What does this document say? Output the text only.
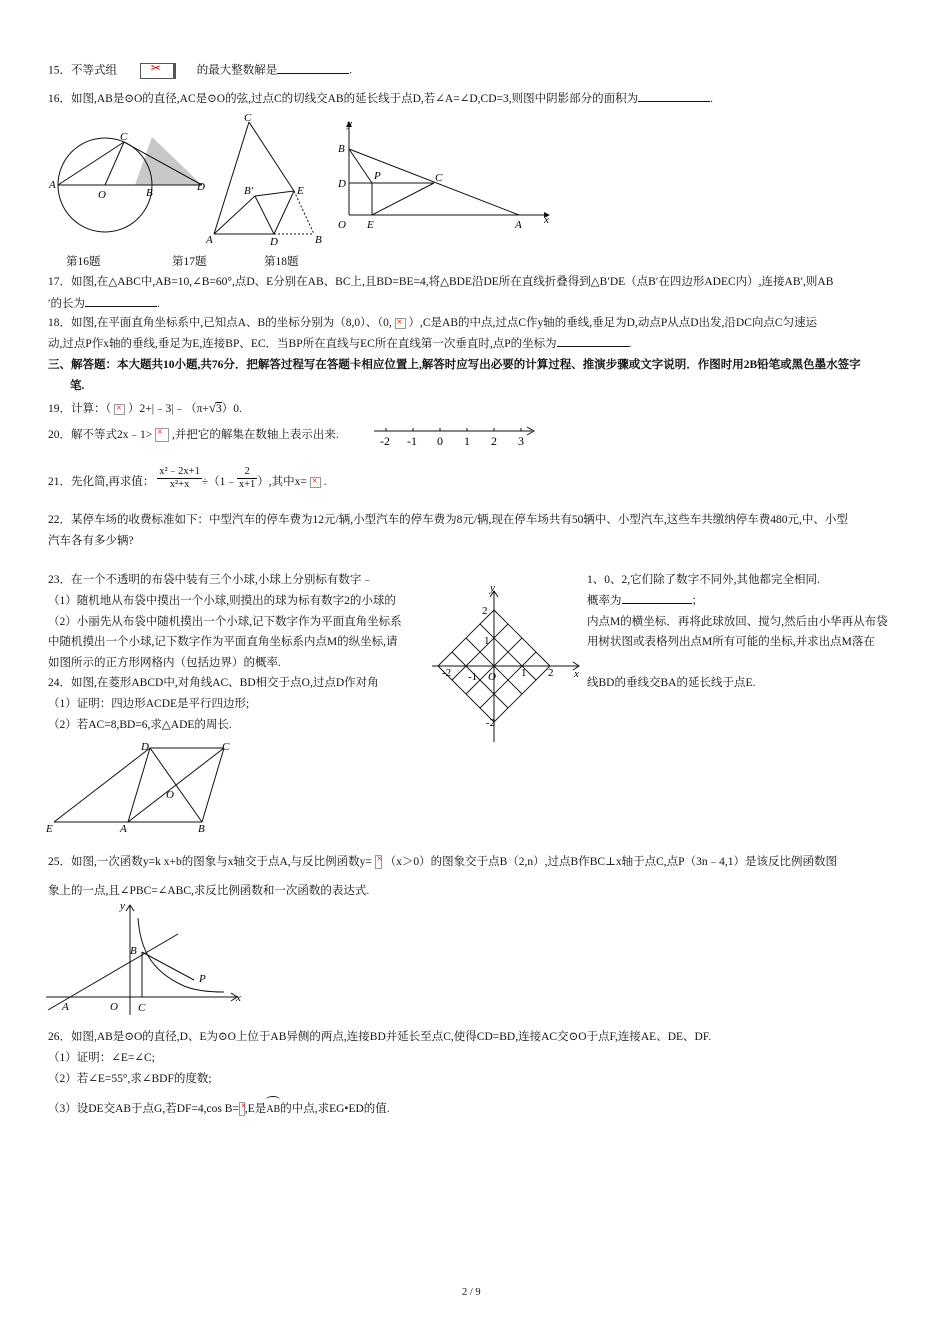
15．不等式组	✂	的最大整数解是	.
16．如图,AB是⊙O的直径,AC是⊙O的弦,过点C的切线交AB的延长线于点D,若∠A=∠D,CD=3,则图中阴影部分的面积为	.
A
O	B
C
D
C
B'	E
A	D	B
y
B
D
P	C
O E	A x
第16题	第17题	第18题
17．如图,在△ABC中,AB=10,∠B=60°,点D、E分别在AB、BC上,且BD=BE=4,将△BDE沿DE所在直线折叠得到△B′DE（点B′在四边形ADEC内）,连接AB′,则AB
′的长为	.
18．如图,在平面直角坐标系中,已知点A、B的坐标分别为（8,0）、（0, × ）,C是AB的中点,过点C作y轴的垂线,垂足为D,动点P从点D出发,沿DC向点C匀速运
动,过点P作x轴的垂线,垂足为E,连接BP、EC．当BP所在直线与EC所在直线第一次垂直时,点P的坐标为	.
三、解答题：本大题共10小题,共76分．把解答过程写在答题卡相应位置上,解答时应写出必要的计算过程、推演步骤或文字说明．作图时用2B铅笔或黑色墨水签字
笔.
19．计算：（ × ）2+|﹣3|﹣（π+√3）0.
20．解不等式2x﹣1> × ,并把它的解集在数轴上表示出来.	-2 -1 0 1 2 3
21．先化简,再求值： $\frac{\text{x²﹣2x+1}}{\text{x²+x}}$ ÷（1﹣ $\frac{2}{x+1}$ ）,其中x= × .
22．某停车场的收费标准如下：中型汽车的停车费为12元/辆,小型汽车的停车费为8元/辆,现在停车场共有50辆中、小型汽车,这些车共缴纳停车费480元,中、小型
汽车各有多少辆?
23．在一个不透明的布袋中装有三个小球,小球上分别标有数字﹣	1、0、2,它们除了数字不同外,其他都完全相同.
（1）随机地从布袋中摸出一个小球,则摸出的球为标有数字2的小球的	概率为	；
（2）小丽先从布袋中随机摸出一个小球,记下数字作为平面直角坐标系	内点M的横坐标．再将此球放回、搅匀,然后由小华再从布袋
中随机摸出一个小球,记下数字作为平面直角坐标系内点M的纵坐标,请	用树状图或表格列出点M所有可能的坐标,并求出点M落在
如图所示的正方形网格内（包括边界）的概率.
y
x
2
1
-2 -1 O 1 2
-2
24．如图,在菱形ABCD中,对角线AC、BD相交于点O,过点D作对角	线BD的垂线交BA的延长线于点E.
（1）证明：四边形ACDE是平行四边形;
（2）若AC=8,BD=6,求△ADE的周长.
D	C
O
E	A	B
25．如图,一次函数y=k x+b的图象与x轴交于点A,与反比例函数y= × （x＞0）的图象交于点B（2,n）,过点B作BC⊥x轴于点C,点P（3n﹣4,1）是该反比例函数图
象上的一点,且∠PBC=∠ABC,求反比例函数和一次函数的表达式.
y
B
P
A	O C
x
26．如图,AB是⊙O的直径,D、E为⊙O上位于AB异侧的两点,连接BD并延长至点C,使得CD=BD,连接AC交⊙O于点F,连接AE、DE、DF.
（1）证明：∠E=∠C;
（2）若∠E=55°,求∠BDF的度数;
（3）设DE交AB于点G,若DF=4,cos B= × ,E是
AB的中点,求EG•ED的值.
2 / 9
